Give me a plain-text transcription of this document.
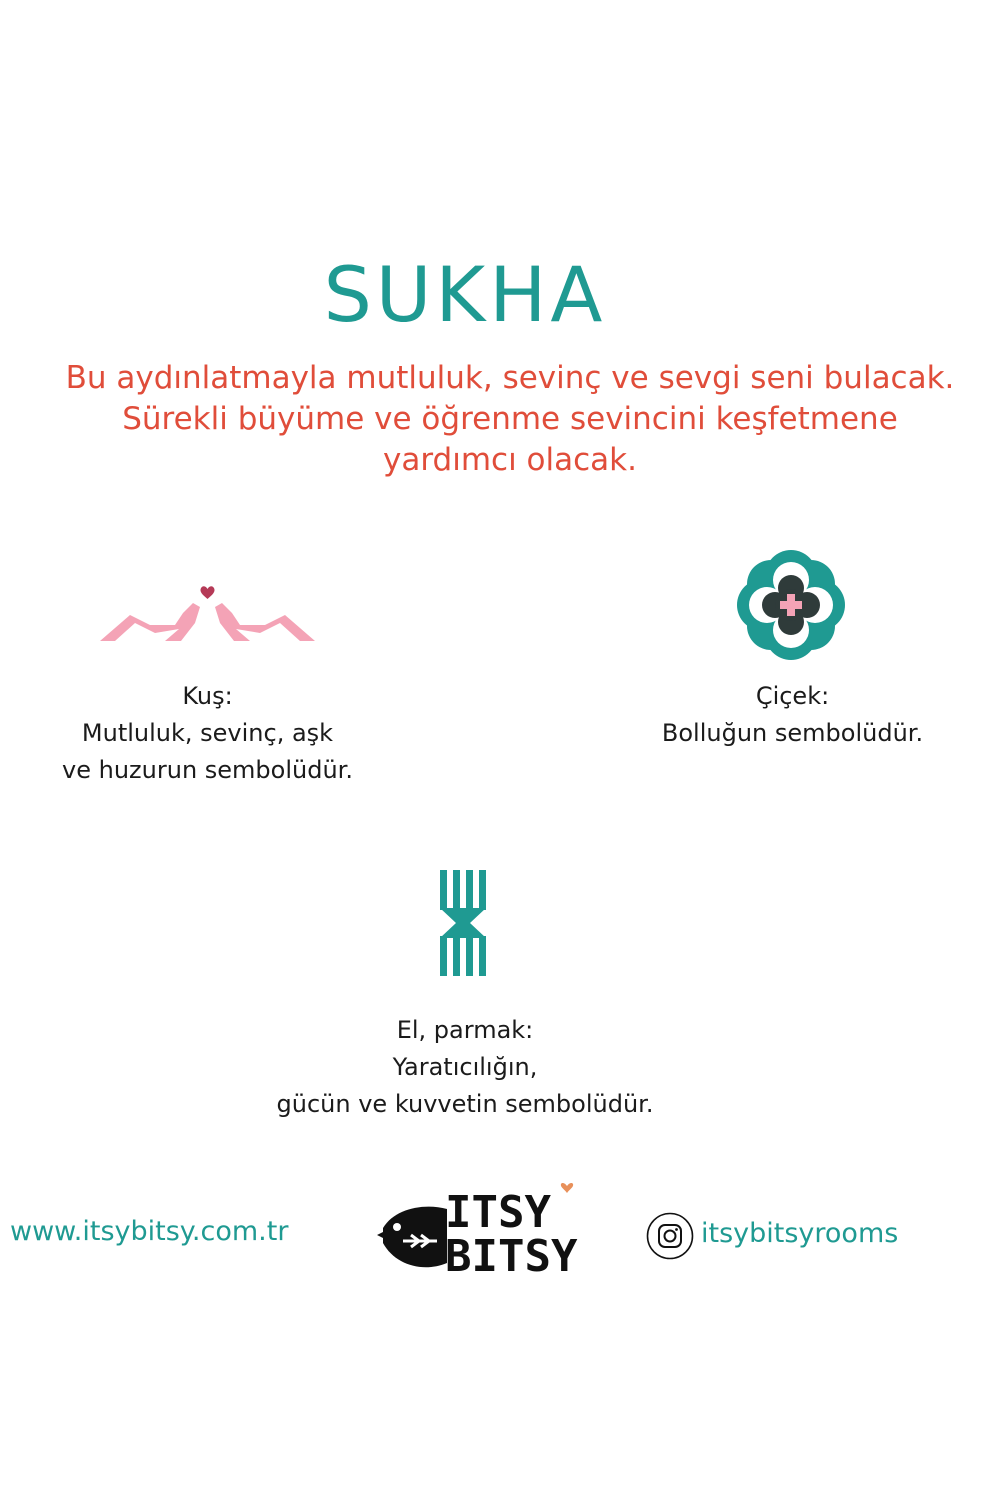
SUKHA
Bu aydınlatmayla mutluluk, sevinç ve sevgi seni bulacak.
Sürekli büyüme ve öğrenme sevincini keşfetmene
yardımcı olacak.
Kuş:
Mutluluk, sevinç, aşk
ve huzurun sembolüdür.
Çiçek:
Bolluğun sembolüdür.
El, parmak:
Yaratıcılığın,
gücün ve kuvvetin sembolüdür.
www.itsybitsy.com.tr	ITSY
BITSY	itsybitsyrooms
